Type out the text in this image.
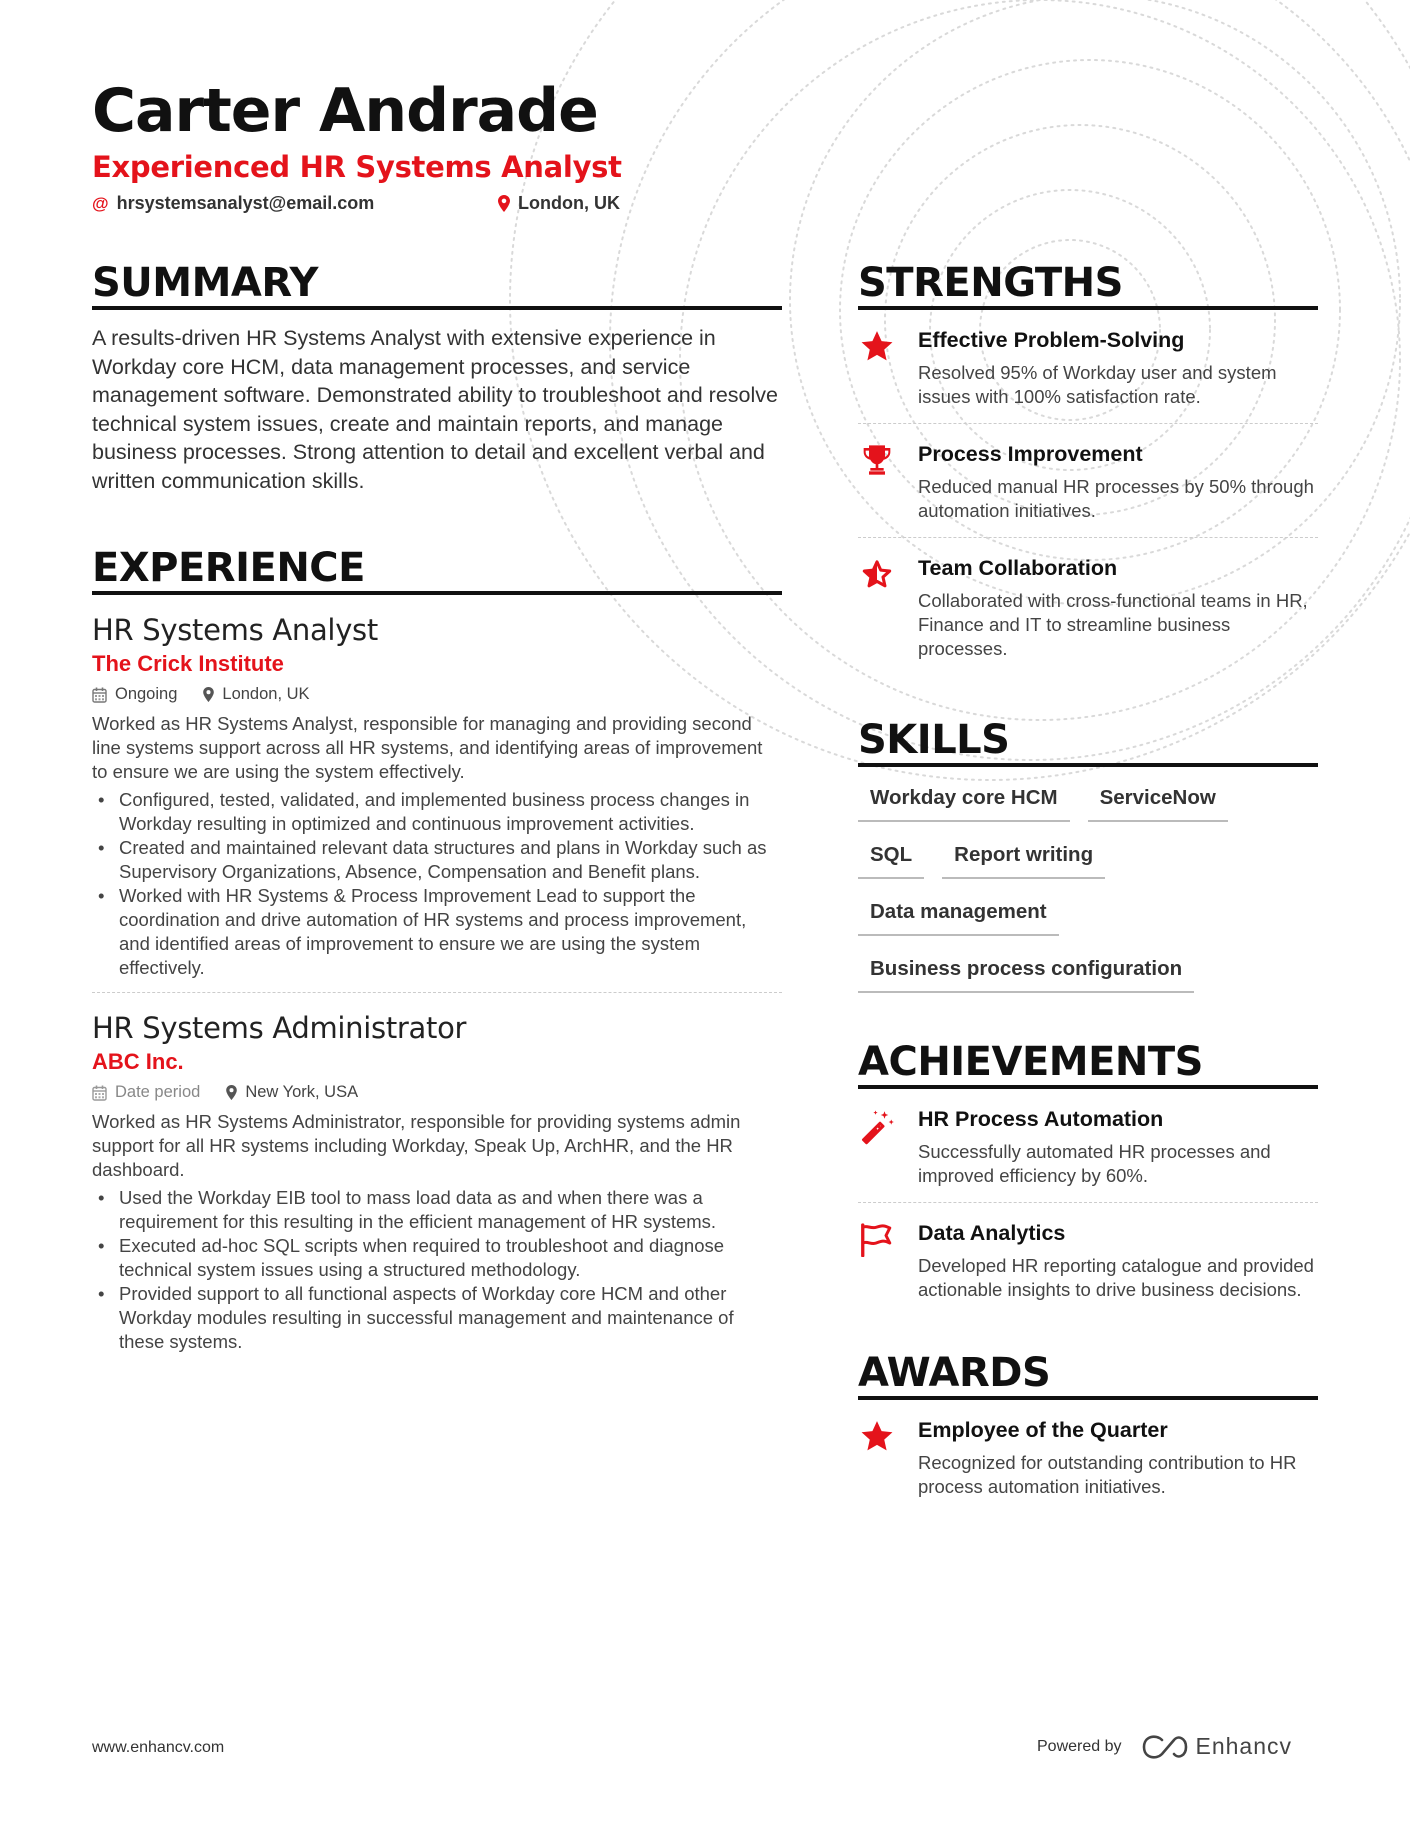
Carter Andrade
Experienced HR Systems Analyst
@ hrsystemsanalyst@email.com	London, UK
SUMMARY

A results-driven HR Systems Analyst with extensive experience in Workday core HCM, data management processes, and service management software. Demonstrated ability to troubleshoot and resolve technical system issues, create and maintain reports, and manage business processes. Strong attention to detail and excellent verbal and written communication skills.

EXPERIENCE
HR Systems Analyst
The Crick Institute
Ongoing	London, UK

Worked as HR Systems Analyst, responsible for managing and providing second line systems support across all HR systems, and identifying areas of improvement to ensure we are using the system effectively.

• Configured, tested, validated, and implemented business process changes in Workday resulting in optimized and continuous improvement activities.
• Created and maintained relevant data structures and plans in Workday such as Supervisory Organizations, Absence, Compensation and Benefit plans.
• Worked with HR Systems & Process Improvement Lead to support the coordination and drive automation of HR systems and process improvement, and identified areas of improvement to ensure we are using the system effectively.
HR Systems Administrator
ABC Inc.
Date period	New York, USA

Worked as HR Systems Administrator, responsible for providing systems admin support for all HR systems including Workday, Speak Up, ArchHR, and the HR dashboard.

• Used the Workday EIB tool to mass load data as and when there was a requirement for this resulting in the efficient management of HR systems.
• Executed ad-hoc SQL scripts when required to troubleshoot and diagnose technical system issues using a structured methodology.
• Provided support to all functional aspects of Workday core HCM and other Workday modules resulting in successful management and maintenance of these systems.
STRENGTHS
Effective Problem-Solving
Resolved 95% of Workday user and system issues with 100% satisfaction rate.
Process Improvement
Reduced manual HR processes by 50% through automation initiatives.
Team Collaboration
Collaborated with cross-functional teams in HR, Finance and IT to streamline business processes.
SKILLS
Workday core HCM	ServiceNow
SQL	Report writing
Data management
Business process configuration
ACHIEVEMENTS
HR Process Automation
Successfully automated HR processes and improved efficiency by 60%.
Data Analytics
Developed HR reporting catalogue and provided actionable insights to drive business decisions.
AWARDS
Employee of the Quarter
Recognized for outstanding contribution to HR process automation initiatives.
www.enhancv.com	Powered by	Enhancv
